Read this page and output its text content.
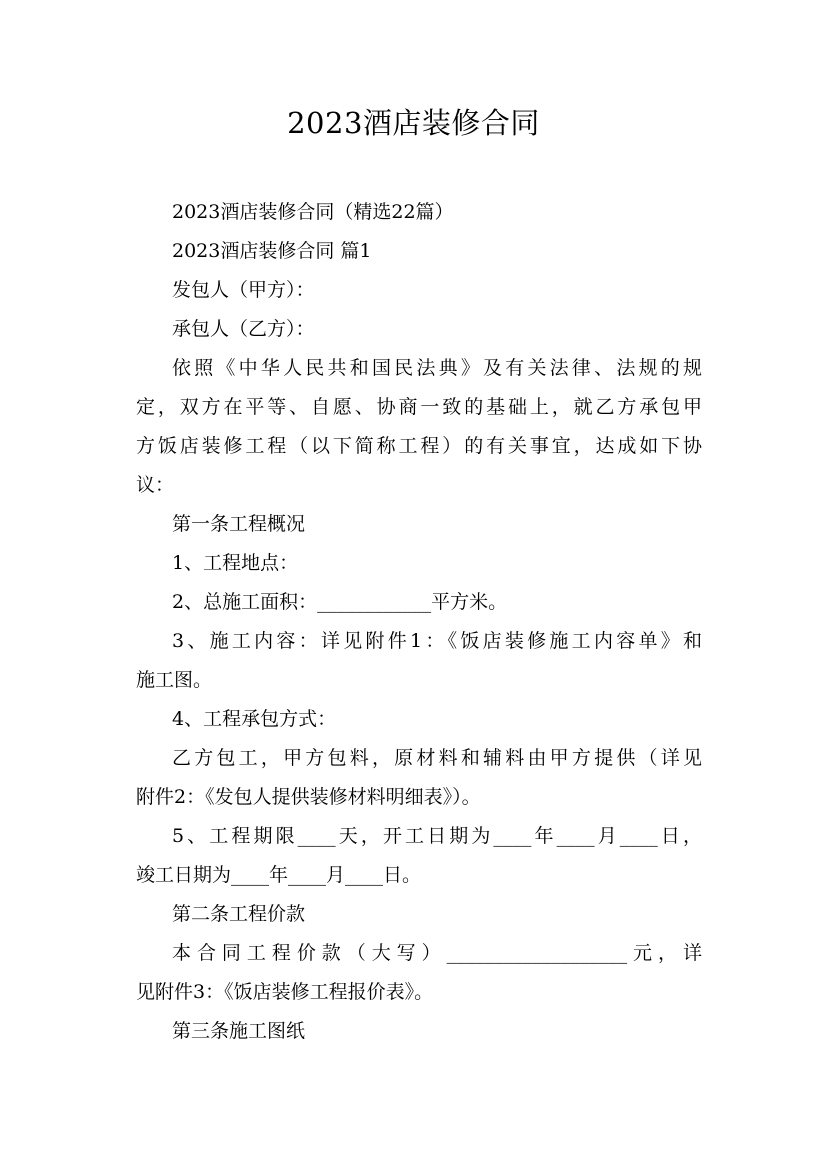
2023酒店装修合同
2023酒店装修合同（精选22篇）
2023酒店装修合同 篇1
发包人（甲方）：
承包人（乙方）：
依照《中华人民共和国民法典》及有关法律、法规的规
定，双方在平等、自愿、协商一致的基础上，就乙方承包甲
方饭店装修工程（以下简称工程）的有关事宜，达成如下协
议：
第一条工程概况
1、工程地点：
2、总施工面积：____________平方米。
3、施工内容：详见附件1：《饭店装修施工内容单》和
施工图。
4、工程承包方式：
乙方包工，甲方包料，原材料和辅料由甲方提供（详见
附件2：《发包人提供装修材料明细表》）。
5、工程期限____天，开工日期为____年____月____日，
竣工日期为____年____月____日。
第二条工程价款
本合同工程价款（大写）___________________元，详
见附件3：《饭店装修工程报价表》。
第三条施工图纸
